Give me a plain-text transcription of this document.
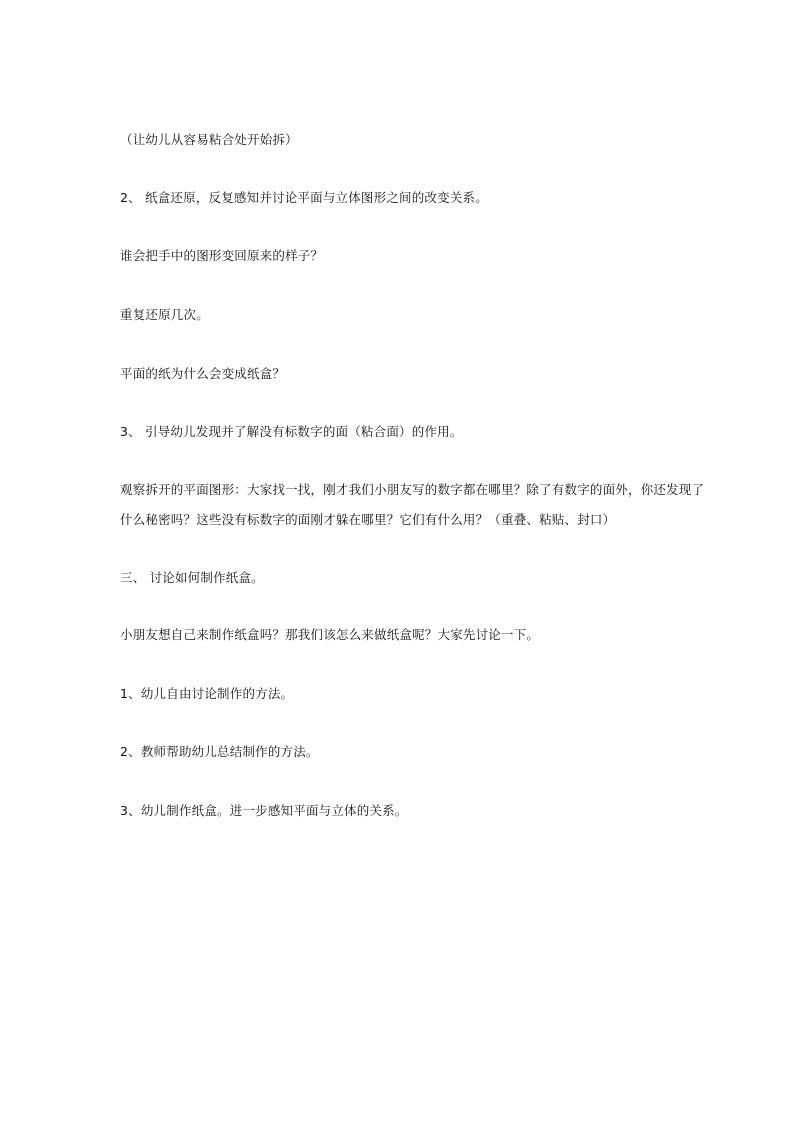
（让幼儿从容易粘合处开始拆）
2、 纸盒还原，反复感知并讨论平面与立体图形之间的改变关系。
谁会把手中的图形变回原来的样子？
重复还原几次。
平面的纸为什么会变成纸盒？
3、 引导幼儿发现并了解没有标数字的面（粘合面）的作用。
观察拆开的平面图形：大家找一找，刚才我们小朋友写的数字都在哪里？除了有数字的面外，你还发现了
什么秘密吗？这些没有标数字的面刚才躲在哪里？它们有什么用？（重叠、粘贴、封口）
三、 讨论如何制作纸盒。
小朋友想自己来制作纸盒吗？那我们该怎么来做纸盒呢？大家先讨论一下。
1、幼儿自由讨论制作的方法。
2、教师帮助幼儿总结制作的方法。
3、幼儿制作纸盒。进一步感知平面与立体的关系。
